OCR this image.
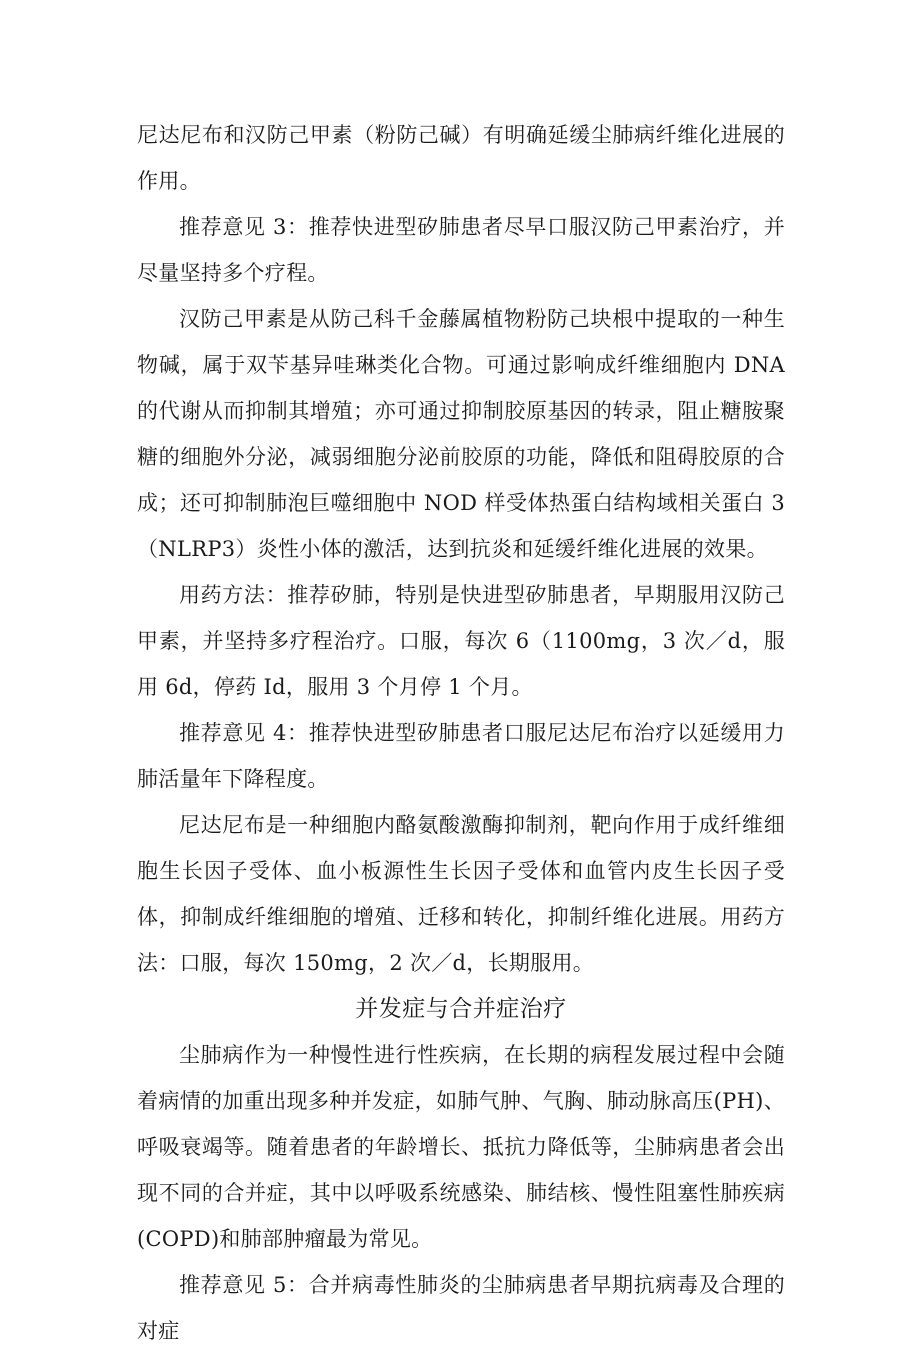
尼达尼布和汉防己甲素（粉防己碱）有明确延缓尘肺病纤维化进展的作用。

推荐意见 3：推荐快进型矽肺患者尽早口服汉防己甲素治疗，并尽量坚持多个疗程。

汉防己甲素是从防己科千金藤属植物粉防己块根中提取的一种生物碱，属于双苄基异哇琳类化合物。可通过影响成纤维细胞内 DNA 的代谢从而抑制其增殖；亦可通过抑制胶原基因的转录，阻止糖胺聚糖的细胞外分泌，减弱细胞分泌前胶原的功能，降低和阻碍胶原的合成；还可抑制肺泡巨噬细胞中 NOD 样受体热蛋白结构域相关蛋白 3（NLRP3）炎性小体的激活，达到抗炎和延缓纤维化进展的效果。

用药方法：推荐矽肺，特别是快进型矽肺患者，早期服用汉防己甲素，并坚持多疗程治疗。口服，每次 6（1100mg，3 次／d，服用 6d，停药 Id，服用 3 个月停 1 个月。

推荐意见 4：推荐快进型矽肺患者口服尼达尼布治疗以延缓用力肺活量年下降程度。

尼达尼布是一种细胞内酪氨酸激酶抑制剂，靶向作用于成纤维细胞生长因子受体、血小板源性生长因子受体和血管内皮生长因子受体，抑制成纤维细胞的增殖、迁移和转化，抑制纤维化进展。用药方法：口服，每次 150mg，2 次／d，长期服用。

并发症与合并症治疗

尘肺病作为一种慢性进行性疾病，在长期的病程发展过程中会随着病情的加重出现多种并发症，如肺气肿、气胸、肺动脉高压(PH)、呼吸衰竭等。随着患者的年龄增长、抵抗力降低等，尘肺病患者会出现不同的合并症，其中以呼吸系统感染、肺结核、慢性阻塞性肺疾病(COPD)和肺部肿瘤最为常见。

推荐意见 5：合并病毒性肺炎的尘肺病患者早期抗病毒及合理的对症
